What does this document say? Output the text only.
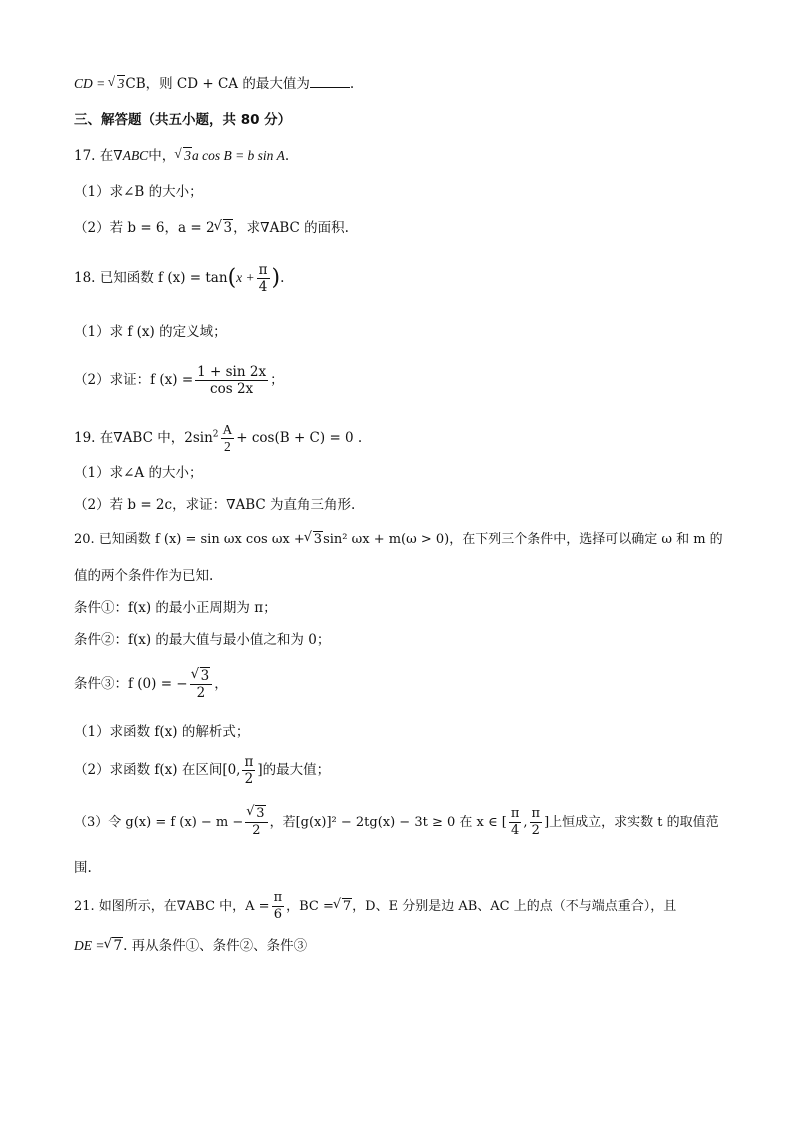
CD = √ 3CB，则 CD + CA 的最大值为	.
三、解答题（共五小题，共 80 分）
17. 在∇ABC中， √ 3a cos B = b sin A.
（1）求∠B 的大小；
（2）若 b = 6，a = 2 √ 3，求∇ABC 的面积.
18. 已知函数 f $(x) = \tan(x + \frac{\pi}{4}$ ).
（1）求 f (x) 的定义域；
（2）求证：f $(x) = \frac{1 + \sin 2x}{\cos 2x}$ ；
19. 在∇ABC 中，$2\sin^2 \frac{A}{2} + \cos(B + C) = 0$ .
（1）求∠A 的大小；
（2）若 b = 2c，求证：∇ABC 为直角三角形.
20. 已知函数 f (x) = sin ωx cos ωx + √ 3sin² ωx + m(ω > 0)，在下列三个条件中，选择可以确定 ω 和 m 的
值的两个条件作为已知.
条件①：f(x) 的最小正周期为 π；
条件②：f(x) 的最大值与最小值之和为 0；
条件③：f (0) = − √ $\frac{3}{2}$ ，
（1）求函数 f(x) 的解析式；
（2）求函数 f(x) 在区间[0, $\frac{\pi}{2}$ ]的最大值；
（3）令 g(x) = f (x) − m − √ $\frac{3}{2}$ ，若[g(x)]² − 2tg(x) − 3t ≥ 0 在 x ∈ [ $\frac{\pi}{4}$ , $\frac{\pi}{2}$ ]上恒成立，求实数 t 的取值范
围.
21. 如图所示，在∇ABC 中，$A = \frac{\pi}{6}$ ，BC = √ 7，D、E 分别是边 AB、AC 上的点（不与端点重合），且
DE = √ 7. 再从条件①、条件②、条件③
